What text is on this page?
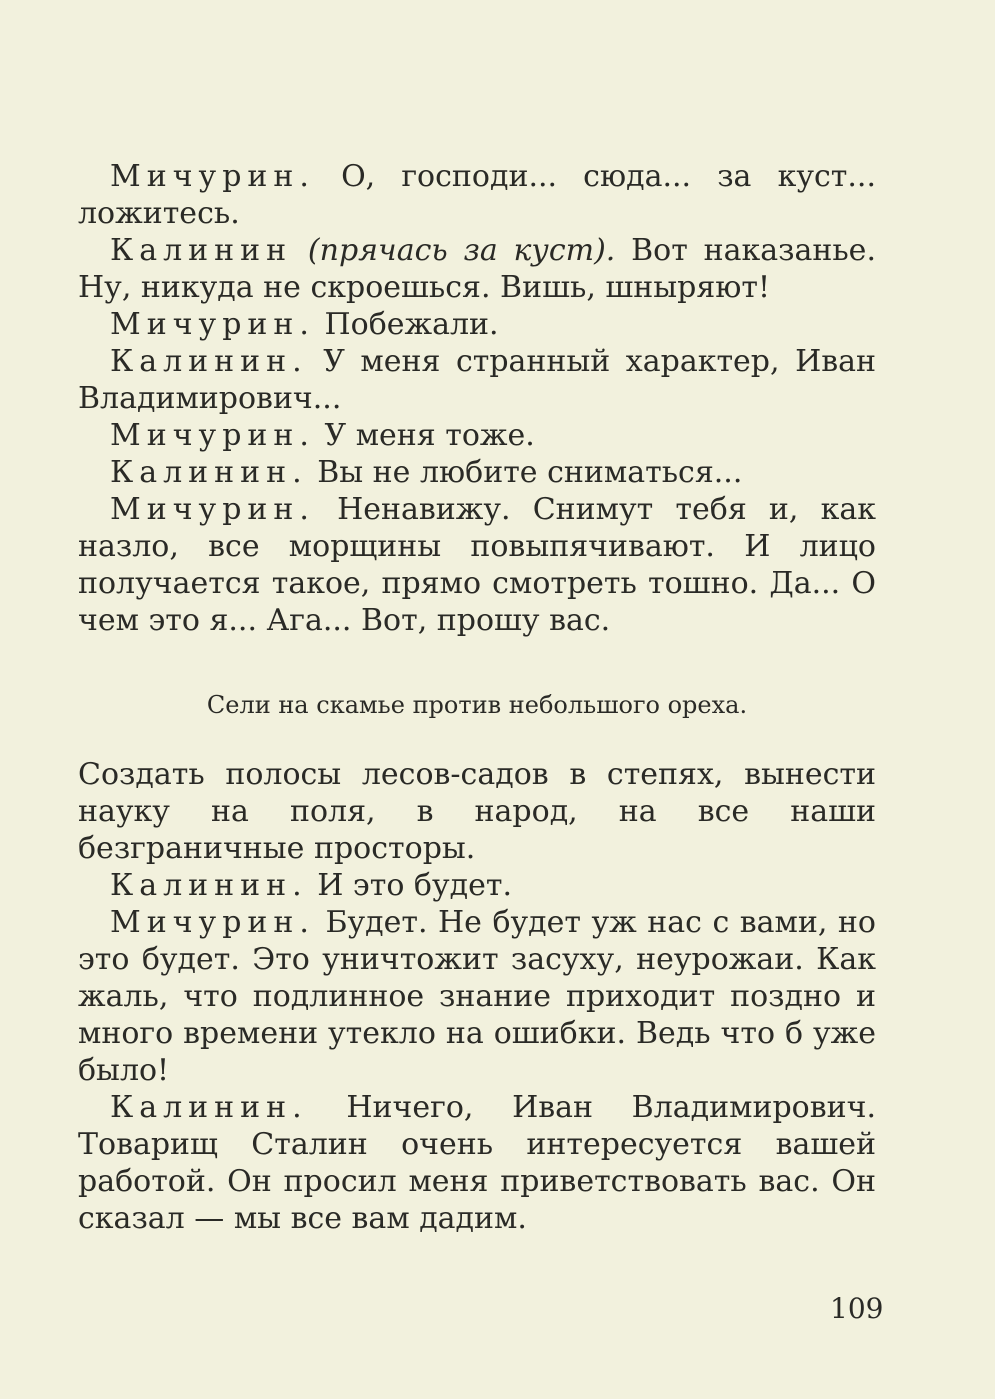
Мичурин. О, господи... сюда... за куст... ложитесь.

Калинин (прячась за куст). Вот наказанье. Ну, никуда не скроешься. Вишь, шныряют!

Мичурин. Побежали.

Калинин. У меня странный характер, Иван Владимирович...

Мичурин. У меня тоже.

Калинин. Вы не любите сниматься...

Мичурин. Ненавижу. Снимут тебя и, как назло, все морщины повыпячивают. И лицо получается такое, прямо смотреть тошно. Да... О чем это я... Ага... Вот, прошу вас.

Сели на скамье против небольшого ореха.

Создать полосы лесов-садов в степях, вынести науку на поля, в народ, на все наши безграничные просторы.

Калинин. И это будет.

Мичурин. Будет. Не будет уж нас с вами, но это будет. Это уничтожит засуху, неурожаи. Как жаль, что подлинное знание приходит поздно и много времени утекло на ошибки. Ведь что б уже было!

Калинин. Ничего, Иван Владимирович. Товарищ Сталин очень интересуется вашей работой. Он просил меня приветствовать вас. Он сказал — мы все вам дадим.

109
